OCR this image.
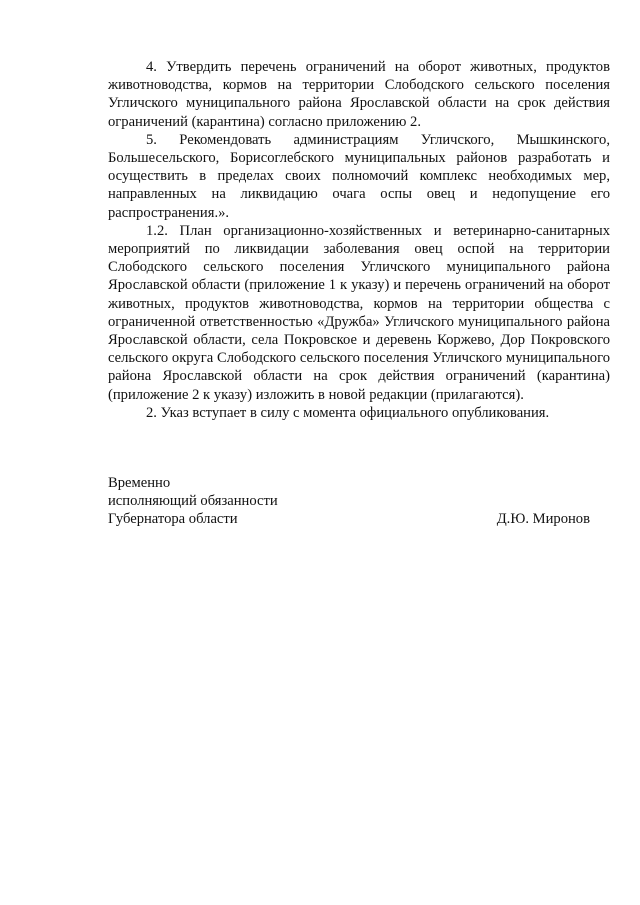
4. Утвердить перечень ограничений на оборот животных, продуктов животноводства, кормов на территории Слободского сельского поселения Угличского муниципального района Ярославской области на срок действия ограничений (карантина) согласно приложению 2.

5. Рекомендовать администрациям Угличского, Мышкинского, Большесельского, Борисоглебского муниципальных районов разработать и осуществить в пределах своих полномочий комплекс необходимых мер, направленных на ликвидацию очага оспы овец и недопущение его распространения.».

1.2. План организационно-хозяйственных и ветеринарно-санитарных мероприятий по ликвидации заболевания овец оспой на территории Слободского сельского поселения Угличского муниципального района Ярославской области (приложение 1 к указу) и перечень ограничений на оборот животных, продуктов животноводства, кормов на территории общества с ограниченной ответственностью «Дружба» Угличского муниципального района Ярославской области, села Покровское и деревень Коржево, Дор Покровского сельского округа Слободского сельского поселения Угличского муниципального района Ярославской области на срок действия ограничений (карантина) (приложение 2 к указу) изложить в новой редакции (прилагаются).

2. Указ вступает в силу с момента официального опубликования.

Временно
исполняющий обязанности
Губернатора области	Д.Ю. Миронов
